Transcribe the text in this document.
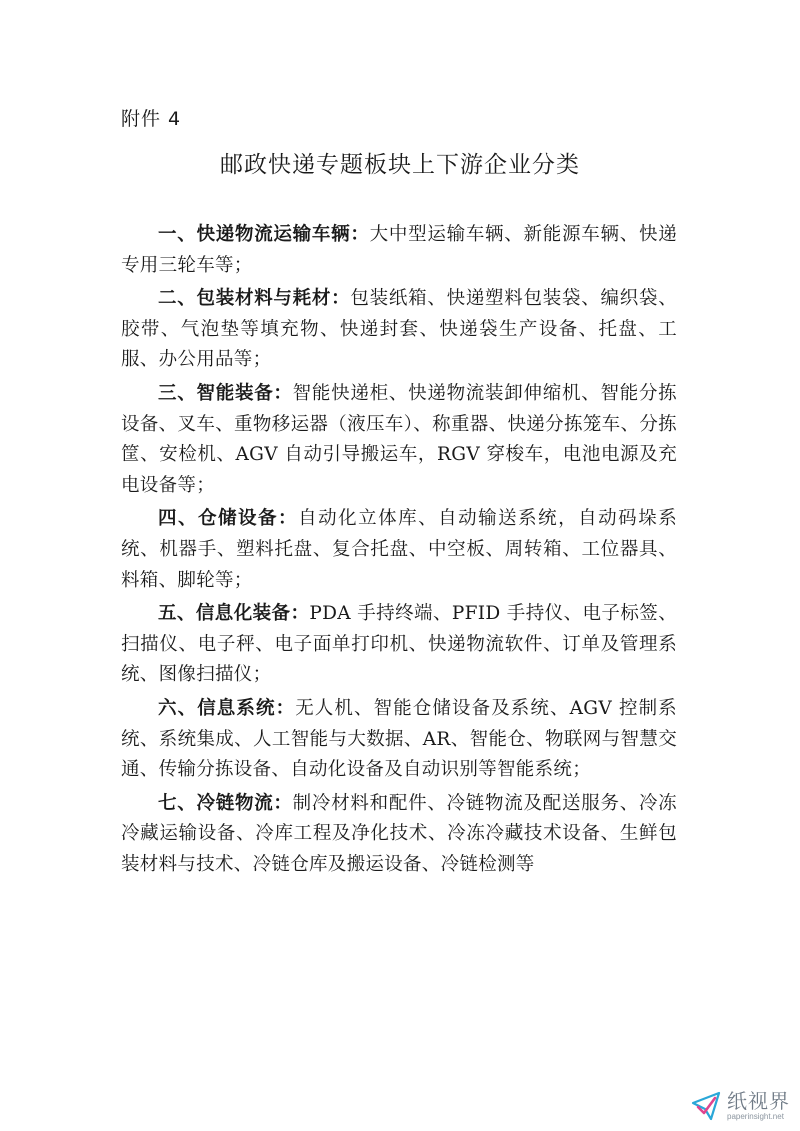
附件 4
邮政快递专题板块上下游企业分类

一、快递物流运输车辆：大中型运输车辆、新能源车辆、快递专用三轮车等；

二、包装材料与耗材：包装纸箱、快递塑料包装袋、编织袋、胶带、气泡垫等填充物、快递封套、快递袋生产设备、托盘、工服、办公用品等；

三、智能装备：智能快递柜、快递物流装卸伸缩机、智能分拣设备、叉车、重物移运器（液压车）、称重器、快递分拣笼车、分拣筐、安检机、AGV 自动引导搬运车，RGV 穿梭车，电池电源及充电设备等；

四、仓储设备：自动化立体库、自动输送系统，自动码垛系统、机器手、塑料托盘、复合托盘、中空板、周转箱、工位器具、料箱、脚轮等；

五、信息化装备：PDA 手持终端、PFID 手持仪、电子标签、扫描仪、电子秤、电子面单打印机、快递物流软件、订单及管理系统、图像扫描仪；

六、信息系统：无人机、智能仓储设备及系统、AGV 控制系统、系统集成、人工智能与大数据、AR、智能仓、物联网与智慧交通、传输分拣设备、自动化设备及自动识别等智能系统；

七、冷链物流：制冷材料和配件、冷链物流及配送服务、冷冻冷藏运输设备、冷库工程及净化技术、冷冻冷藏技术设备、生鲜包装材料与技术、冷链仓库及搬运设备、冷链检测等

纸视界
paperinsight.net
